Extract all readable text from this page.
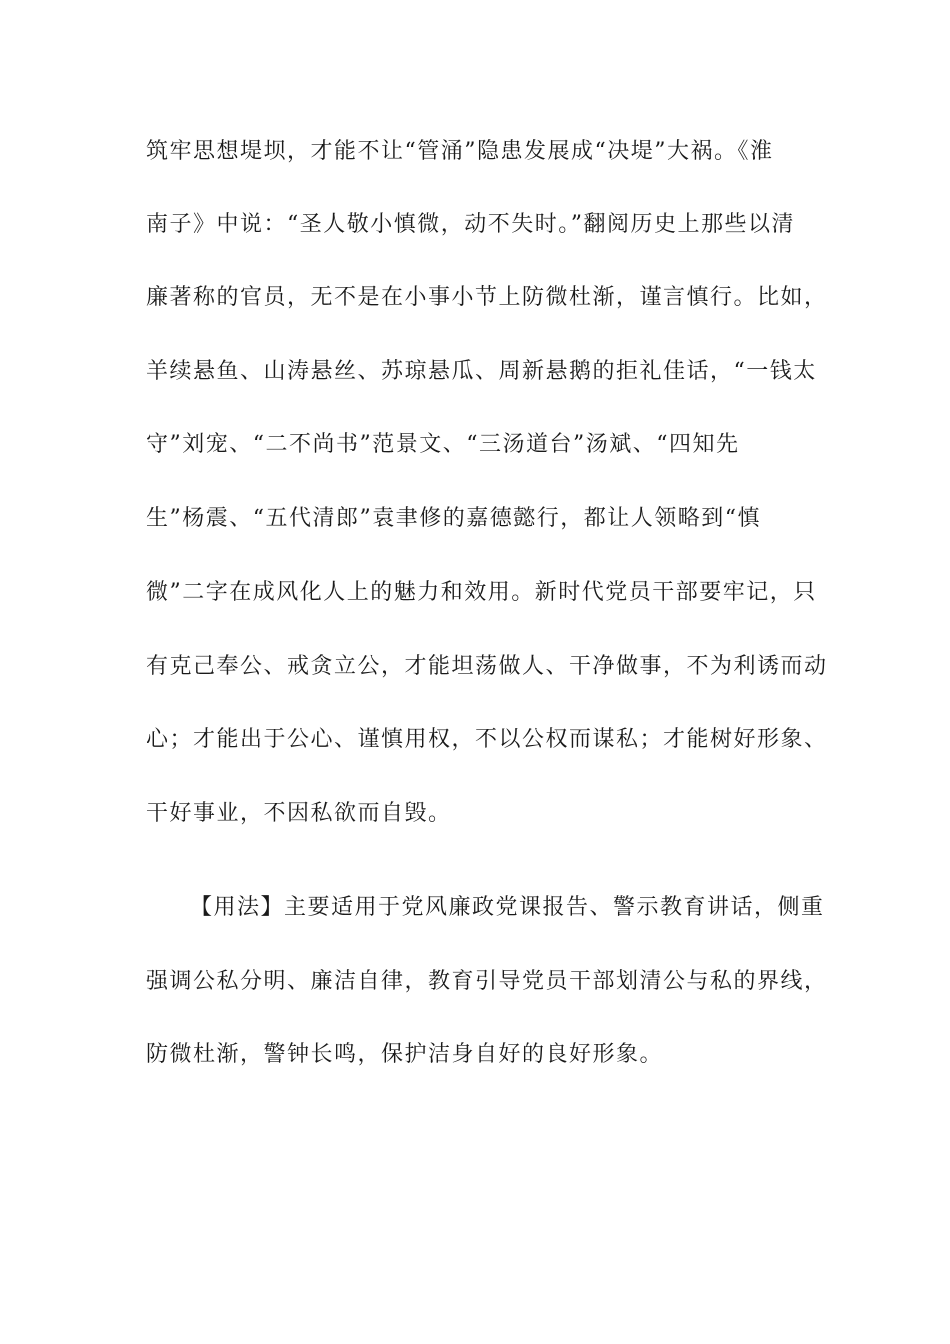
筑牢思想堤坝，才能不让“管涌”隐患发展成“决堤”大祸。《淮
南子》中说：“圣人敬小慎微，动不失时。”翻阅历史上那些以清
廉著称的官员，无不是在小事小节上防微杜渐，谨言慎行。比如，
羊续悬鱼、山涛悬丝、苏琼悬瓜、周新悬鹅的拒礼佳话，“一钱太
守”刘宠、“二不尚书”范景文、“三汤道台”汤斌、“四知先
生”杨震、“五代清郎”袁聿修的嘉德懿行，都让人领略到“慎
微”二字在成风化人上的魅力和效用。新时代党员干部要牢记，只
有克己奉公、戒贪立公，才能坦荡做人、干净做事，不为利诱而动
心；才能出于公心、谨慎用权，不以公权而谋私；才能树好形象、
干好事业，不因私欲而自毁。
【用法】主要适用于党风廉政党课报告、警示教育讲话，侧重
强调公私分明、廉洁自律，教育引导党员干部划清公与私的界线，
防微杜渐，警钟长鸣，保护洁身自好的良好形象。
